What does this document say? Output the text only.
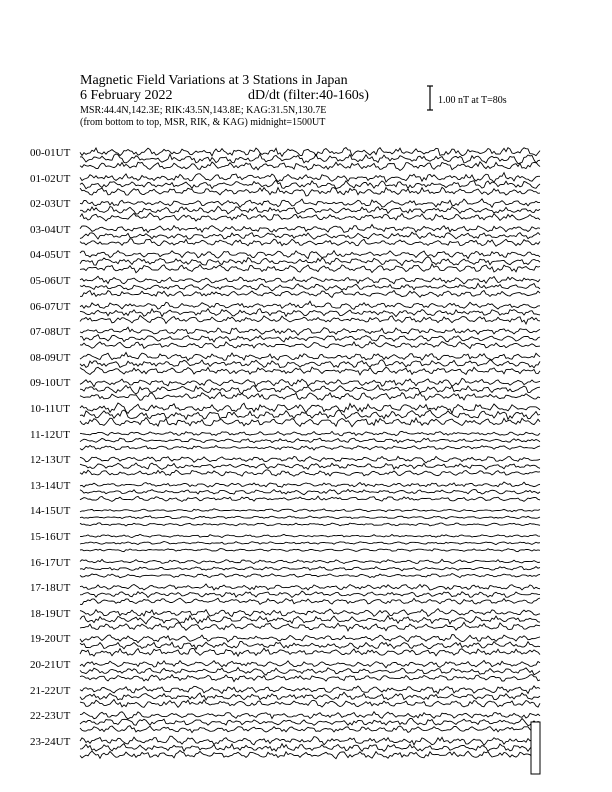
Magnetic Field Variations at 3 Stations in Japan
6 February 2022	dD/dt (filter:40-160s)
MSR:44.4N,142.3E; RIK:43.5N,143.8E; KAG:31.5N,130.7E
(from bottom to top, MSR, RIK, & KAG) midnight=1500UT
1.00 nT at T=80s
00-01UT
01-02UT
02-03UT
03-04UT
04-05UT
05-06UT
06-07UT
07-08UT
08-09UT
09-10UT
10-11UT
11-12UT
12-13UT
13-14UT
14-15UT
15-16UT
16-17UT
17-18UT
18-19UT
19-20UT
20-21UT
21-22UT
22-23UT
23-24UT
